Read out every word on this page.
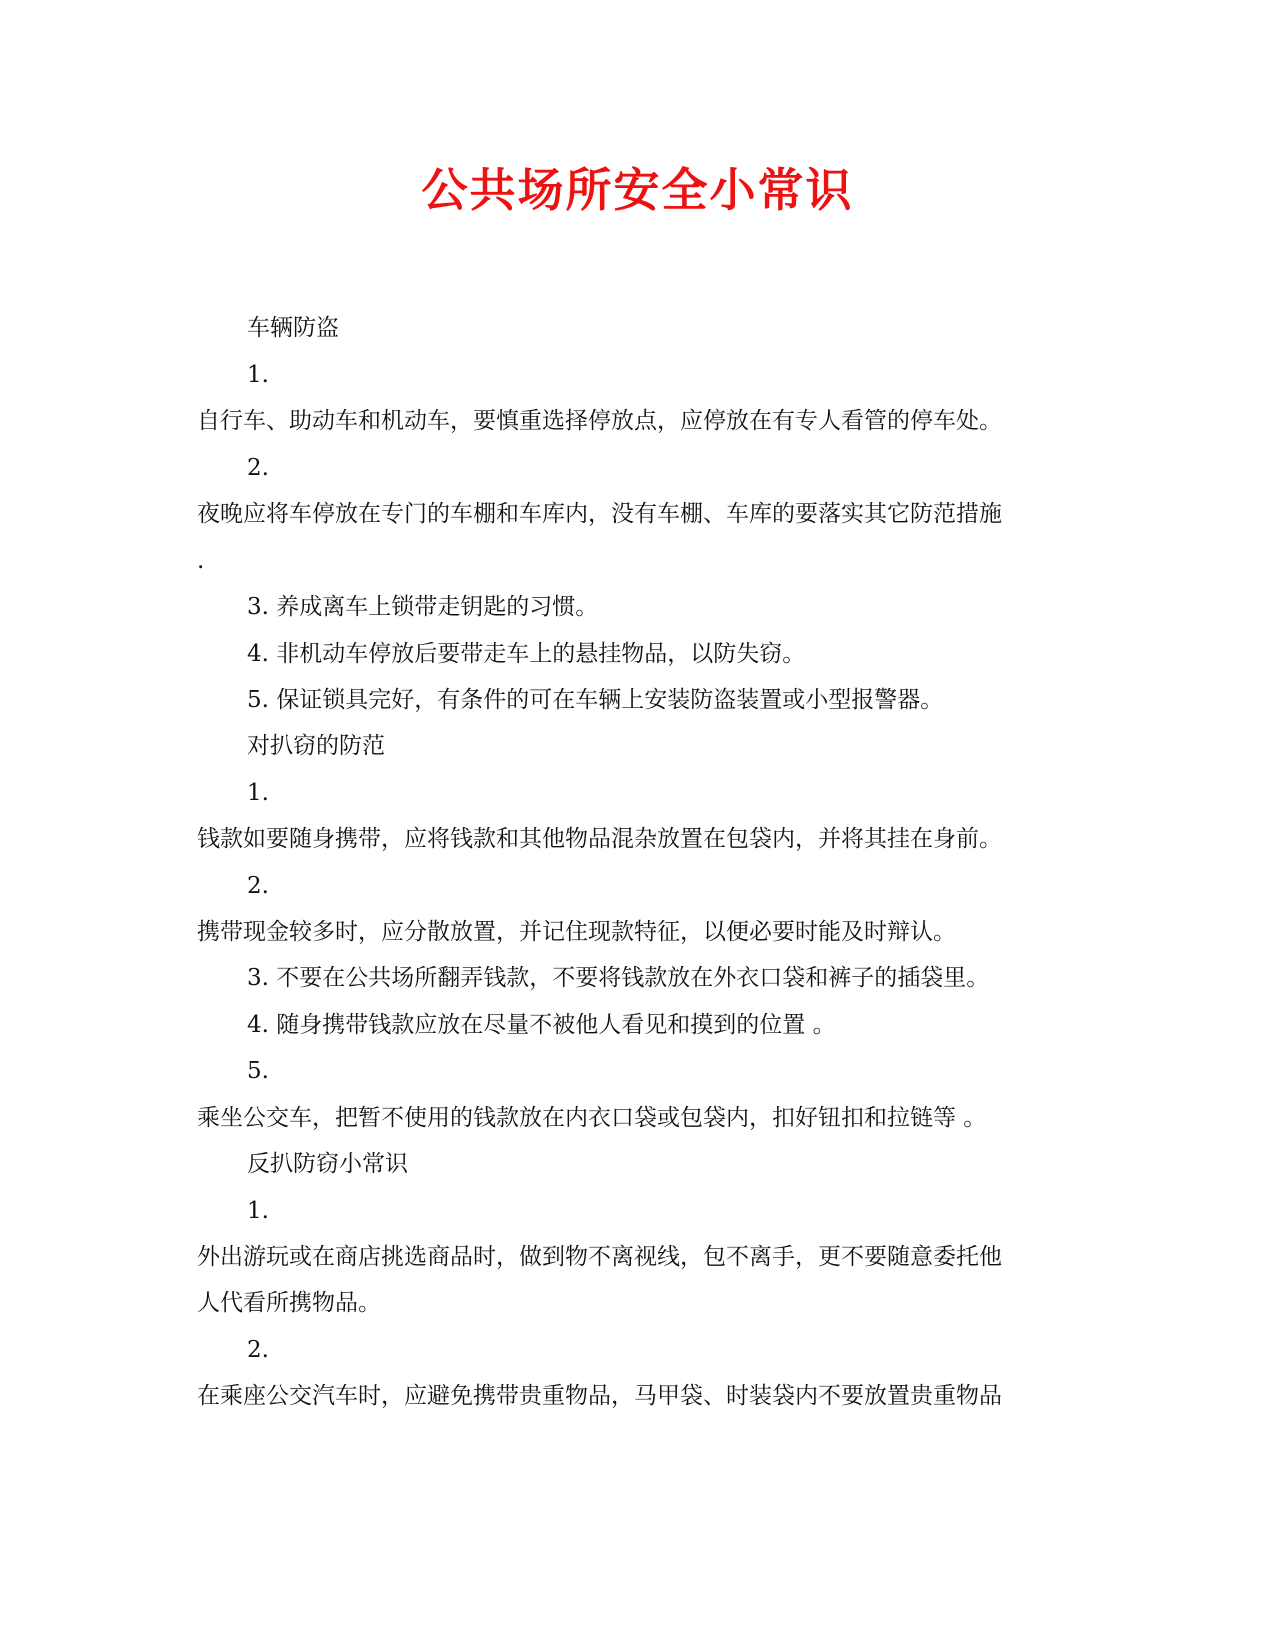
公共场所安全小常识
车辆防盗
1.
自行车、助动车和机动车，要慎重选择停放点，应停放在有专人看管的停车处。
2.
夜晚应将车停放在专门的车棚和车库内，没有车棚、车库的要落实其它防范措施
.
3. 养成离车上锁带走钥匙的习惯。
4. 非机动车停放后要带走车上的悬挂物品，以防失窃。
5. 保证锁具完好，有条件的可在车辆上安装防盗装置或小型报警器。
对扒窃的防范
1.
钱款如要随身携带，应将钱款和其他物品混杂放置在包袋内，并将其挂在身前。
2.
携带现金较多时，应分散放置，并记住现款特征，以便必要时能及时辩认。
3. 不要在公共场所翻弄钱款，不要将钱款放在外衣口袋和裤子的插袋里。
4. 随身携带钱款应放在尽量不被他人看见和摸到的位置 。
5.
乘坐公交车，把暂不使用的钱款放在内衣口袋或包袋内，扣好钮扣和拉链等 。
反扒防窃小常识
1.
外出游玩或在商店挑选商品时，做到物不离视线，包不离手，更不要随意委托他
人代看所携物品。
2.
在乘座公交汽车时，应避免携带贵重物品，马甲袋、时装袋内不要放置贵重物品
